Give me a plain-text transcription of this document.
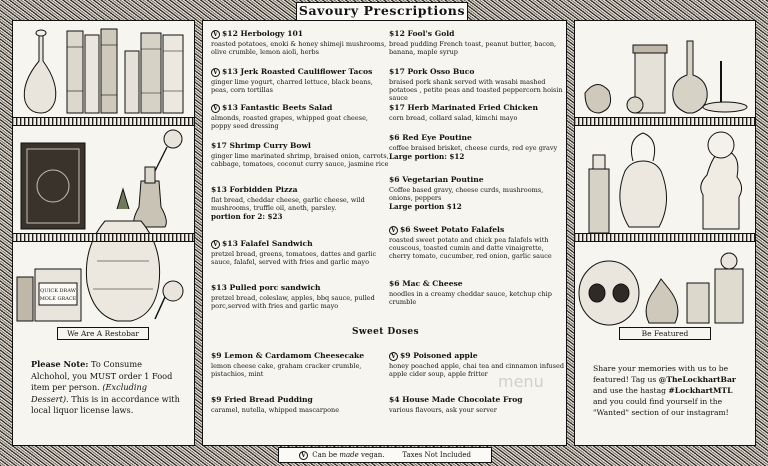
QUICK DRAW
MOLE GRACE
We Are A Restobar
Please Note: To Consume Alchohol, you MUST order 1 Food item per person. (Excluding Dessert). This is in accordance with local liquor license laws.
Savoury Prescriptions
V $12 Herbology 101
roasted potatoes, enoki & honey shimeji mushrooms, olive crumble, lemon aioli, herbs
V $13 Jerk Roasted Cauliflower Tacos
ginger lime yogurt, charred lettuce, black beans, peas, corn tortillas
V $13 Fantastic Beets Salad
almonds, roasted grapes, whipped goat cheese, poppy seed dressing
$17 Shrimp Curry Bowl
ginger lime marinated shrimp, braised onion, carrots, cabbage, tomatoes, coconut curry sauce, jasmine rice
$13 Forbidden Pizza
flat bread, cheddar cheese, garlic cheese, wild mushrooms, truffle oil, aneth, parsley.
portion for 2: $23
V $13 Falafel Sandwich
pretzel bread, greens, tomatoes, dattes and garlic sauce, falafel, served with fries and garlic mayo
$13 Pulled porc sandwich
pretzel bread, coleslaw, apples, bbq sauce, pulled porc,served with fries and garlic mayo
$12 Fool's Gold
bread pudding French toast, peanut butter, bacon, banana, maple syrup
$17 Pork Osso Buco
braised pork shank served with wasabi mashed potatoes , petite peas and toasted peppercorn hoisin sauce
$17 Herb Marinated Fried Chicken
corn bread, collard salad, kimchi mayo
$6 Red Eye Poutine
coffee braised brisket, cheese curds, red eye gravy
Large portion: $12
$6 Vegetarian Poutine
Coffee based gravy, cheese curds, mushrooms, onions, peppers
Large portion $12
V $6 Sweet Potato Falafels
roasted sweet potato and chick pea falafels with couscous, toasted cumin and datte vinaigrette, cherry tomato, cucumber, red onion, garlic sauce
$6 Mac & Cheese
noodles in a creamy cheddar sauce, ketchup chip crumble
Sweet Doses
$9 Lemon & Cardamom Cheesecake
lemon cheese cake, graham cracker crumble, pistachios, mint
$9 Fried Bread Pudding
caramel, nutella, whipped mascarpone
V $9 Poisoned apple
honey poached apple, chai tea and cinnamon infused apple cider soup, apple fritter
$4 House Made Chocolate Frog
various flavours, ask your server
Be Featured
Share your memories with us to be featured! Tag us @TheLockhartBar and use the hastag #LockhartMTL and you could find yourself in the "Wanted" section of our instagram!
V Can be made vegan.	Taxes Not Included
menu
